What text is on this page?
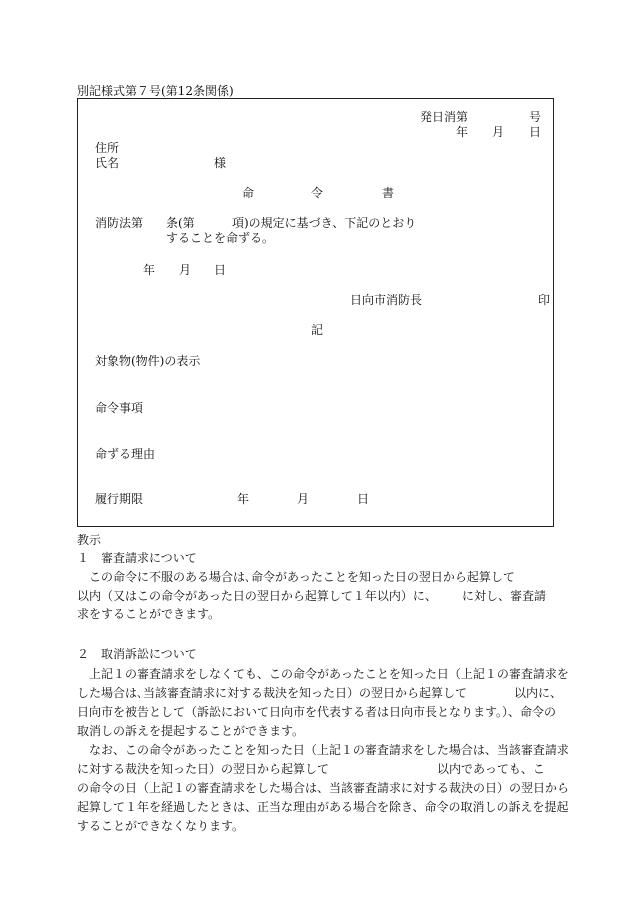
別記様式第７号(第12条関係)
発日消第	号
年 月 日
住所
氏名	様
命	令	書
消防法第 条(第	項)の規定に基づき、下記のとおり
することを命ずる。
年 月 日
日向市消防長	印
記
対象物(物件)の表示
命令事項
命ずる理由
履行期限	年	月	日
教示
１　審査請求について
この命令に不服のある場合は､命令があったことを知った日の翌日から起算して
以内（又はこの命令があった日の翌日から起算して１年以内）に、 に対し、審査請
求をすることができます。
２　取消訴訟について
上記１の審査請求をしなくても、この命令があったことを知った日（上記１の審査請求を
した場合は､当該審査請求に対する裁決を知った日）の翌日から起算して	以内に、
日向市を被告として（訴訟において日向市を代表する者は日向市長となります。）、命令の
取消しの訴えを提起することができます。
なお、この命令があったことを知った日（上記１の審査請求をした場合は、当該審査請求
に対する裁決を知った日）の翌日から起算して	以内であっても、こ
の命令の日（上記１の審査請求をした場合は、当該審査請求に対する裁決の日）の翌日から
起算して１年を経過したときは、正当な理由がある場合を除き、命令の取消しの訴えを提起
することができなくなります。
